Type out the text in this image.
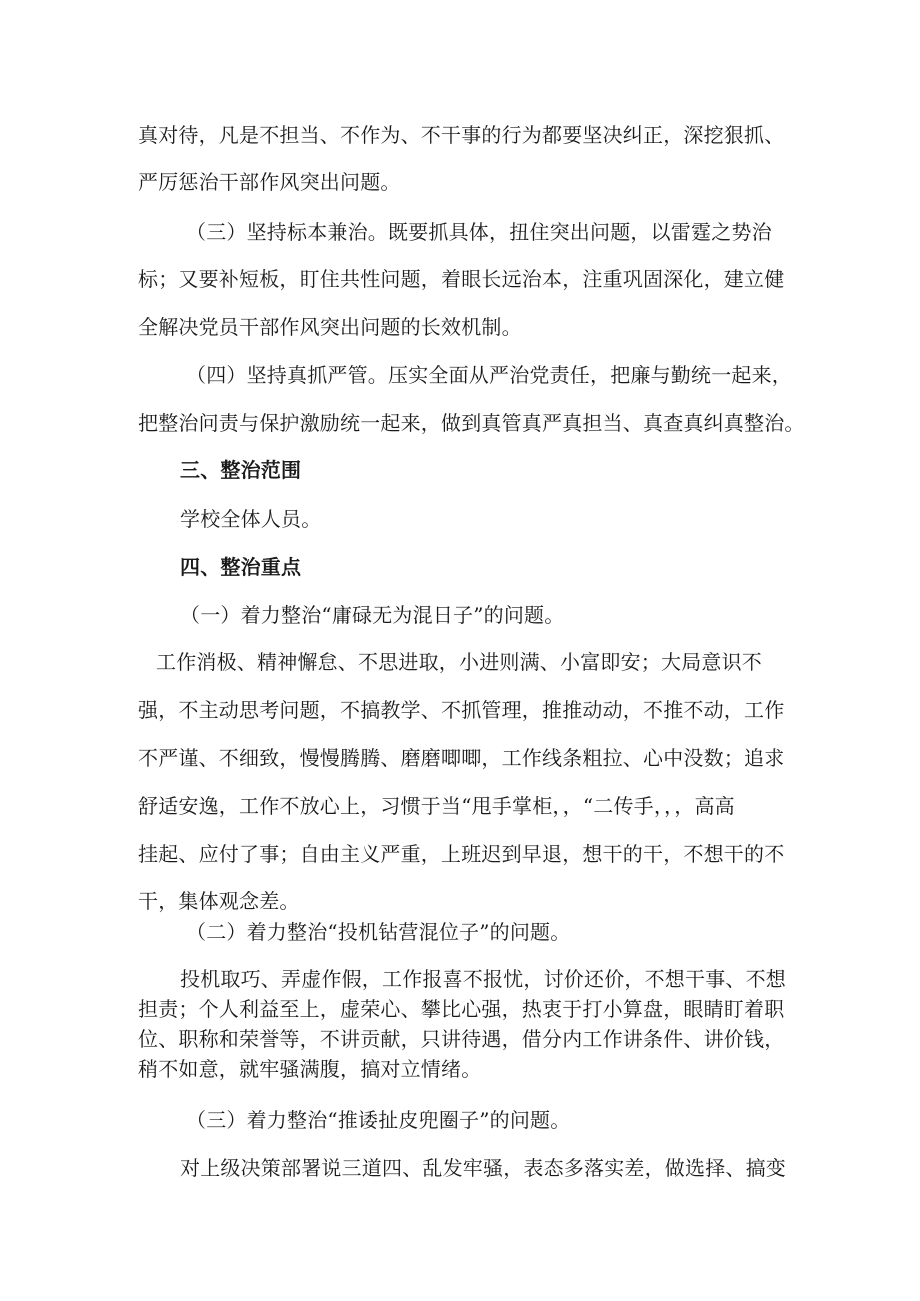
真对待，凡是不担当、不作为、不干事的行为都要坚决纠正，深挖狠抓、
严厉惩治干部作风突出问题。
（三）坚持标本兼治。既要抓具体，扭住突出问题，以雷霆之势治
标；又要补短板，盯住共性问题，着眼长远治本，注重巩固深化，建立健
全解决党员干部作风突出问题的长效机制。
（四）坚持真抓严管。压实全面从严治党责任，把廉与勤统一起来，
把整治问责与保护激励统一起来，做到真管真严真担当、真查真纠真整治。
三、整治范围
学校全体人员。
四、整治重点
（一）着力整治“庸碌无为混日子”的问题。
工作消极、精神懈怠、不思进取，小进则满、小富即安；大局意识不
强，不主动思考问题，不搞教学、不抓管理，推推动动，不推不动，工作
不严谨、不细致，慢慢腾腾、磨磨唧唧，工作线条粗拉、心中没数；追求
舒适安逸，工作不放心上，习惯于当“甩手掌柜，，“二传手，，，高高
挂起、应付了事；自由主义严重，上班迟到早退，想干的干，不想干的不
干，集体观念差。
（二）着力整治“投机钻营混位子”的问题。
投机取巧、弄虚作假，工作报喜不报忧，讨价还价，不想干事、不想
担责；个人利益至上，虚荣心、攀比心强，热衷于打小算盘，眼睛盯着职
位、职称和荣誉等，不讲贡献，只讲待遇，借分内工作讲条件、讲价钱，
稍不如意，就牢骚满腹，搞对立情绪。
（三）着力整治“推诿扯皮兜圈子”的问题。
对上级决策部署说三道四、乱发牢骚，表态多落实差，做选择、搞变
